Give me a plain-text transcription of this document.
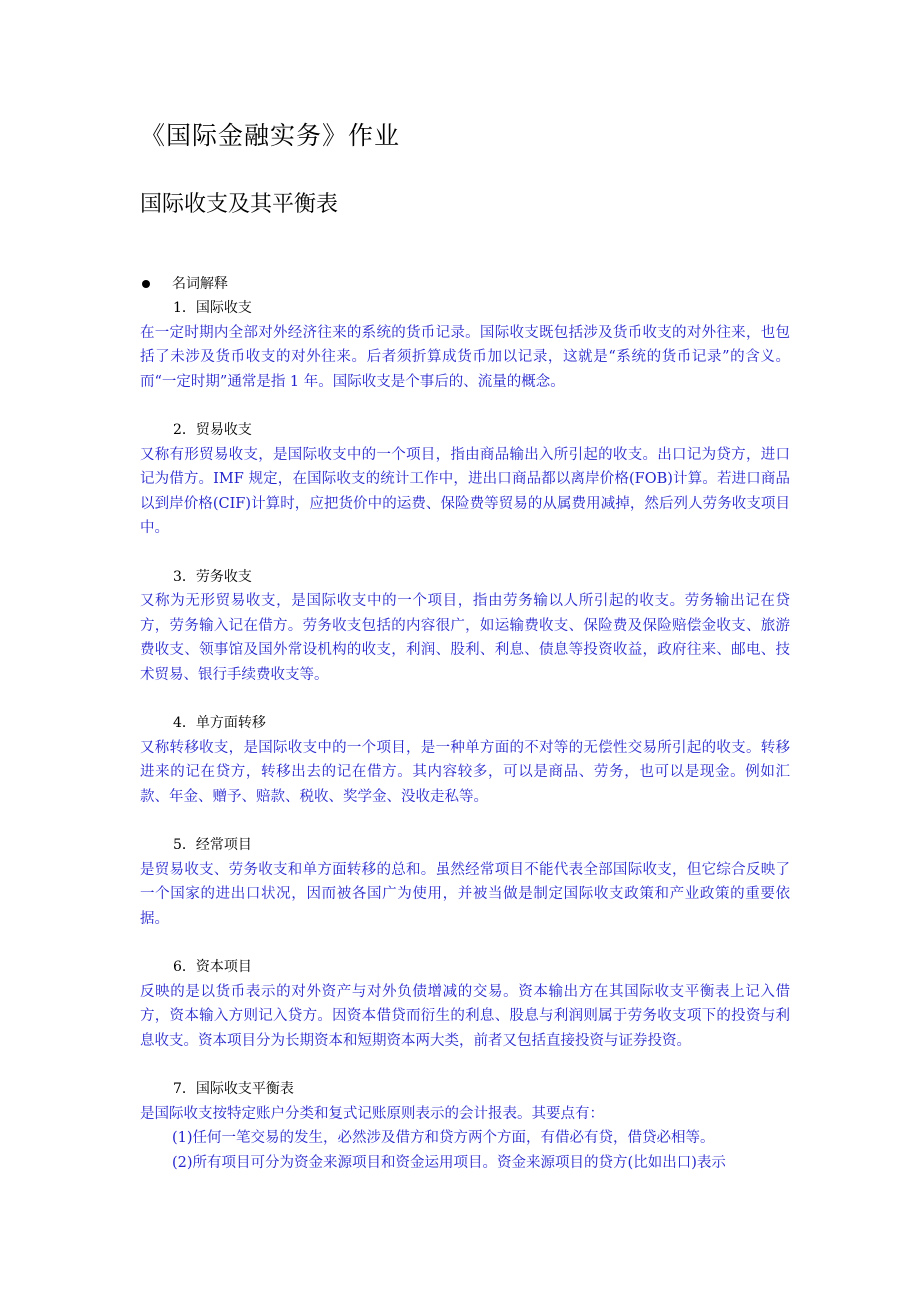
《国际金融实务》作业
国际收支及其平衡表
名词解释
1．国际收支
在一定时期内全部对外经济往来的系统的货币记录。国际收支既包括涉及货币收支的对外往来，也包括了未涉及货币收支的对外往来。后者须折算成货币加以记录，这就是“系统的货币记录”的含义。而“一定时期”通常是指 1 年。国际收支是个事后的、流量的概念。
2．贸易收支
又称有形贸易收支，是国际收支中的一个项目，指由商品输出入所引起的收支。出口记为贷方，进口记为借方。IMF 规定，在国际收支的统计工作中，进出口商品都以离岸价格(FOB)计算。若进口商品以到岸价格(CIF)计算时，应把货价中的运费、保险费等贸易的从属费用减掉，然后列人劳务收支项目中。
3．劳务收支
又称为无形贸易收支，是国际收支中的一个项目，指由劳务输以人所引起的收支。劳务输出记在贷方，劳务输入记在借方。劳务收支包括的内容很广，如运输费收支、保险费及保险赔偿金收支、旅游费收支、领事馆及国外常设机构的收支，利润、股利、利息、债息等投资收益，政府往来、邮电、技术贸易、银行手续费收支等。
4．单方面转移
又称转移收支，是国际收支中的一个项目，是一种单方面的不对等的无偿性交易所引起的收支。转移进来的记在贷方，转移出去的记在借方。其内容较多，可以是商品、劳务，也可以是现金。例如汇款、年金、赠予、赔款、税收、奖学金、没收走私等。
5．经常项目
是贸易收支、劳务收支和单方面转移的总和。虽然经常项目不能代表全部国际收支，但它综合反映了一个国家的进出口状况，因而被各国广为使用，并被当做是制定国际收支政策和产业政策的重要依据。
6．资本项目
反映的是以货币表示的对外资产与对外负债增减的交易。资本输出方在其国际收支平衡表上记入借方，资本输入方则记入贷方。因资本借贷而衍生的利息、股息与利润则属于劳务收支项下的投资与利息收支。资本项目分为长期资本和短期资本两大类，前者又包括直接投资与证券投资。
7．国际收支平衡表
是国际收支按特定账户分类和复式记账原则表示的会计报表。其要点有：
(1)任何一笔交易的发生，必然涉及借方和贷方两个方面，有借必有贷，借贷必相等。
(2)所有项目可分为资金来源项目和资金运用项目。资金来源项目的贷方(比如出口)表示
